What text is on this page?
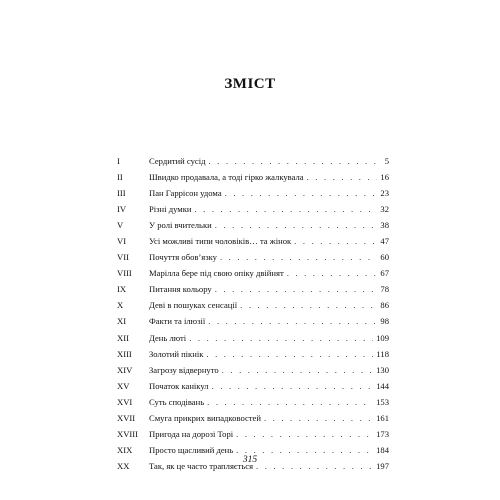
ЗМІСТ
I	Сердитий сусід . . .	5
II	Швидко продавала, а тоді гірко жалкувала . . .	16
III	Пан Гаррісон удома . . .	23
IV	Різні думки . . .	32
V	У ролі вчительки . . .	38
VI	Усі можливі типи чоловіків… та жінок . . .	47
VII	Почуття обов’язку . . .	60
VIII	Марілла бере під свою опіку двійнят . . .	67
IX	Питання кольору . . .	78
X	Деві в пошуках сенсації . . .	86
XI	Факти та ілюзії . . .	98
XII	День люті . . .	109
XIII	Золотий пікнік . . .	118
XIV	Загрозу відвернуто . . .	130
XV	Початок канікул . . .	144
XVI	Суть сподівань . . .	153
XVII	Смуга прикрих випадковостей . . .	161
XVIII	Пригода на дорозі Торі . . .	173
XIX	Просто щасливий день . . .	184
XX	Так, як це часто трапляється . . .	197
315
